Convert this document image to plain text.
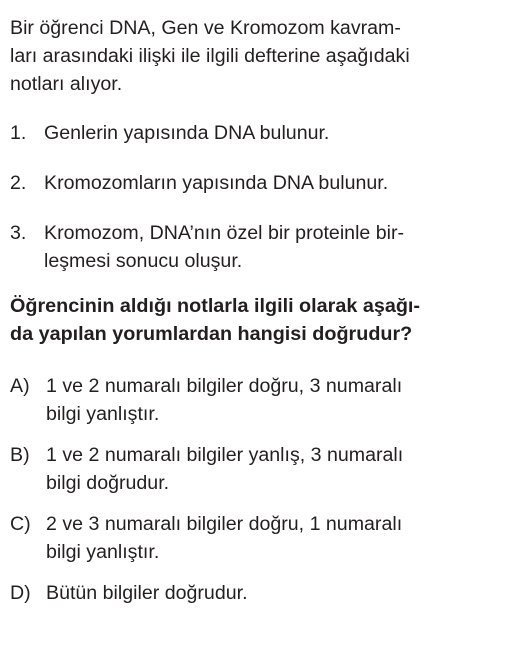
Bir öğrenci DNA, Gen ve Kromozom kavram-
ları arasındaki ilişki ile ilgili defterine aşağıdaki
notları alıyor.

1. Genlerin yapısında DNA bulunur.
2. Kromozomların yapısında DNA bulunur.
3. Kromozom, DNA’nın özel bir proteinle bir-
leşmesi sonucu oluşur.

Öğrencinin aldığı notlarla ilgili olarak aşağı-
da yapılan yorumlardan hangisi doğrudur?

A) 1 ve 2 numaralı bilgiler doğru, 3 numaralı
bilgi yanlıştır.
B) 1 ve 2 numaralı bilgiler yanlış, 3 numaralı
bilgi doğrudur.
C) 2 ve 3 numaralı bilgiler doğru, 1 numaralı
bilgi yanlıştır.
D) Bütün bilgiler doğrudur.
